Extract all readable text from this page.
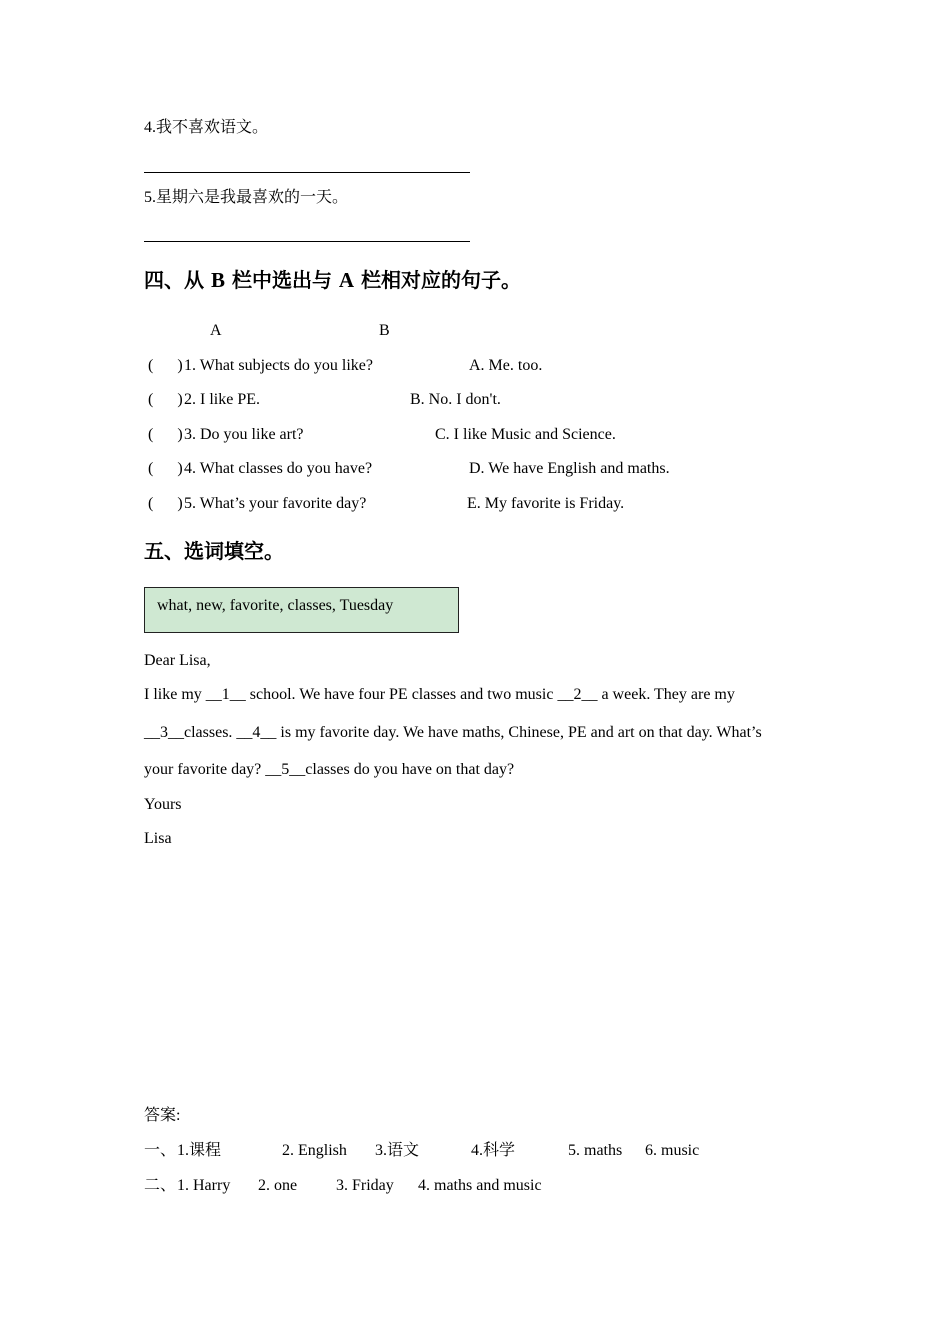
4.我不喜欢语文。
5.星期六是我最喜欢的一天。
四、从 B 栏中选出与 A 栏相对应的句子。
A	B
(      ) 1. What subjects do you like?	A. Me. too.
(      ) 2. I like PE.	B. No. I don't.
(      ) 3. Do you like art?	C. I like Music and Science.
(      ) 4. What classes do you have?	D. We have English and maths.
(      ) 5. What’s your favorite day?	E. My favorite is Friday.
五、选词填空。
what, new, favorite, classes, Tuesday
Dear Lisa,
I like my __1__ school. We have four PE classes and two music __2__ a week. They are my
__3__classes. __4__ is my favorite day. We have maths, Chinese, PE and art on that day. What’s
your favorite day? __5__classes do you have on that day?
Yours
Lisa
答案:
一、 1.课程	2. English 3.语文	4.科学	5. maths 6. music
二、 1. Harry 2. one 3. Friday 4. maths and music
